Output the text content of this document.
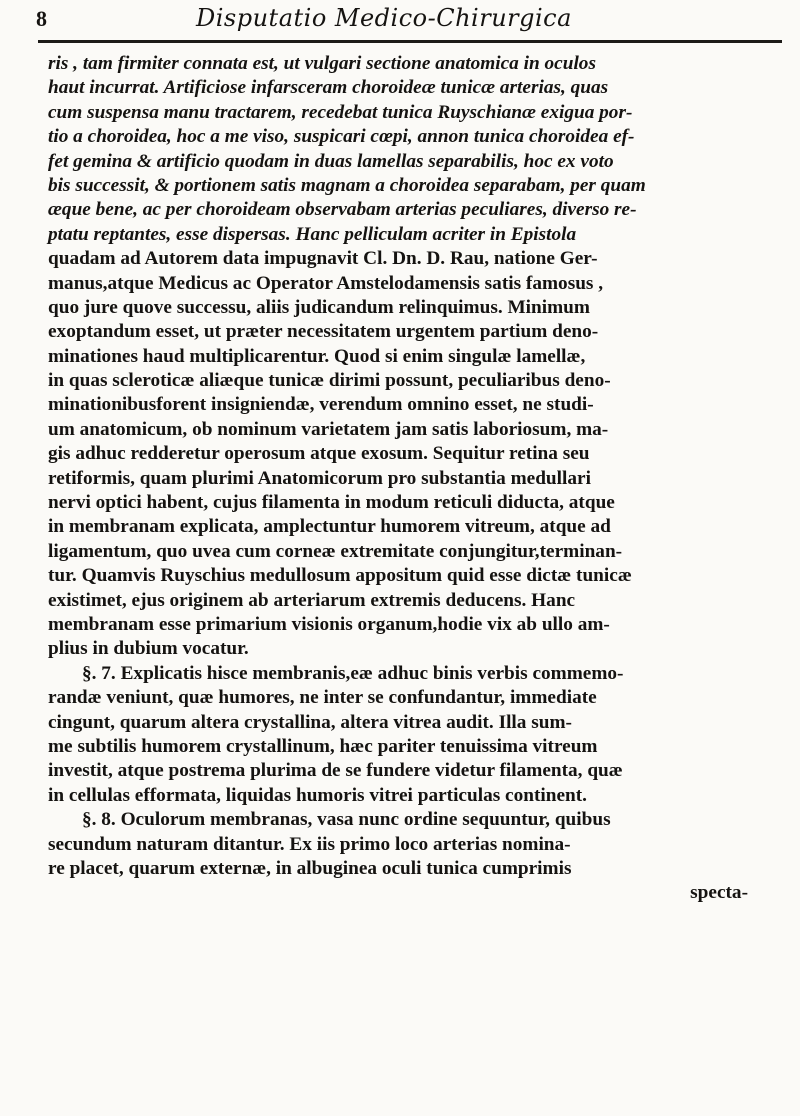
8	Disputatio Medico-Chirurgica
ris , tam firmiter connata est, ut vulgari sectione anatomica in oculos
haut incurrat. Artificiose infarsceram choroideæ tunicæ arterias, quas
cum suspensa manu tractarem, recedebat tunica Ruyschianæ exigua por-
tio a choroidea, hoc a me viso, suspicari cœpi, annon tunica choroidea ef-
fet gemina & artificio quodam in duas lamellas separabilis, hoc ex voto
bis successit, & portionem satis magnam a choroidea separabam, per quam
æque bene, ac per choroideam observabam arterias peculiares, diverso re-
ptatu reptantes, esse dispersas. Hanc pelliculam acriter in Epistola
quadam ad Autorem data impugnavit Cl. Dn. D. Rau, natione Ger-
manus,atque Medicus ac Operator Amstelodamensis satis famosus ,
quo jure quove successu, aliis judicandum relinquimus. Minimum
exoptandum esset, ut præter necessitatem urgentem partium deno-
minationes haud multiplicarentur. Quod si enim singulæ lamellæ,
in quas scleroticæ aliæque tunicæ dirimi possunt, peculiaribus deno-
minationibusforent insigniendæ, verendum omnino esset, ne studi-
um anatomicum, ob nominum varietatem jam satis laboriosum, ma-
gis adhuc redderetur operosum atque exosum. Sequitur retina seu
retiformis, quam plurimi Anatomicorum pro substantia medullari
nervi optici habent, cujus filamenta in modum reticuli diducta, atque
in membranam explicata, amplectuntur humorem vitreum, atque ad
ligamentum, quo uvea cum corneæ extremitate conjungitur,terminan-
tur. Quamvis Ruyschius medullosum appositum quid esse dictæ tunicæ
existimet, ejus originem ab arteriarum extremis deducens. Hanc
membranam esse primarium visionis organum,hodie vix ab ullo am-
plius in dubium vocatur.
§. 7. Explicatis hisce membranis,eæ adhuc binis verbis commemo-
randæ veniunt, quæ humores, ne inter se confundantur, immediate
cingunt, quarum altera crystallina, altera vitrea audit. Illa sum-
me subtilis humorem crystallinum, hæc pariter tenuissima vitreum
investit, atque postrema plurima de se fundere videtur filamenta, quæ
in cellulas efformata, liquidas humoris vitrei particulas continent.
§. 8. Oculorum membranas, vasa nunc ordine sequuntur, quibus
secundum naturam ditantur. Ex iis primo loco arterias nomina-
re placet, quarum externæ, in albuginea oculi tunica cumprimis
specta-
